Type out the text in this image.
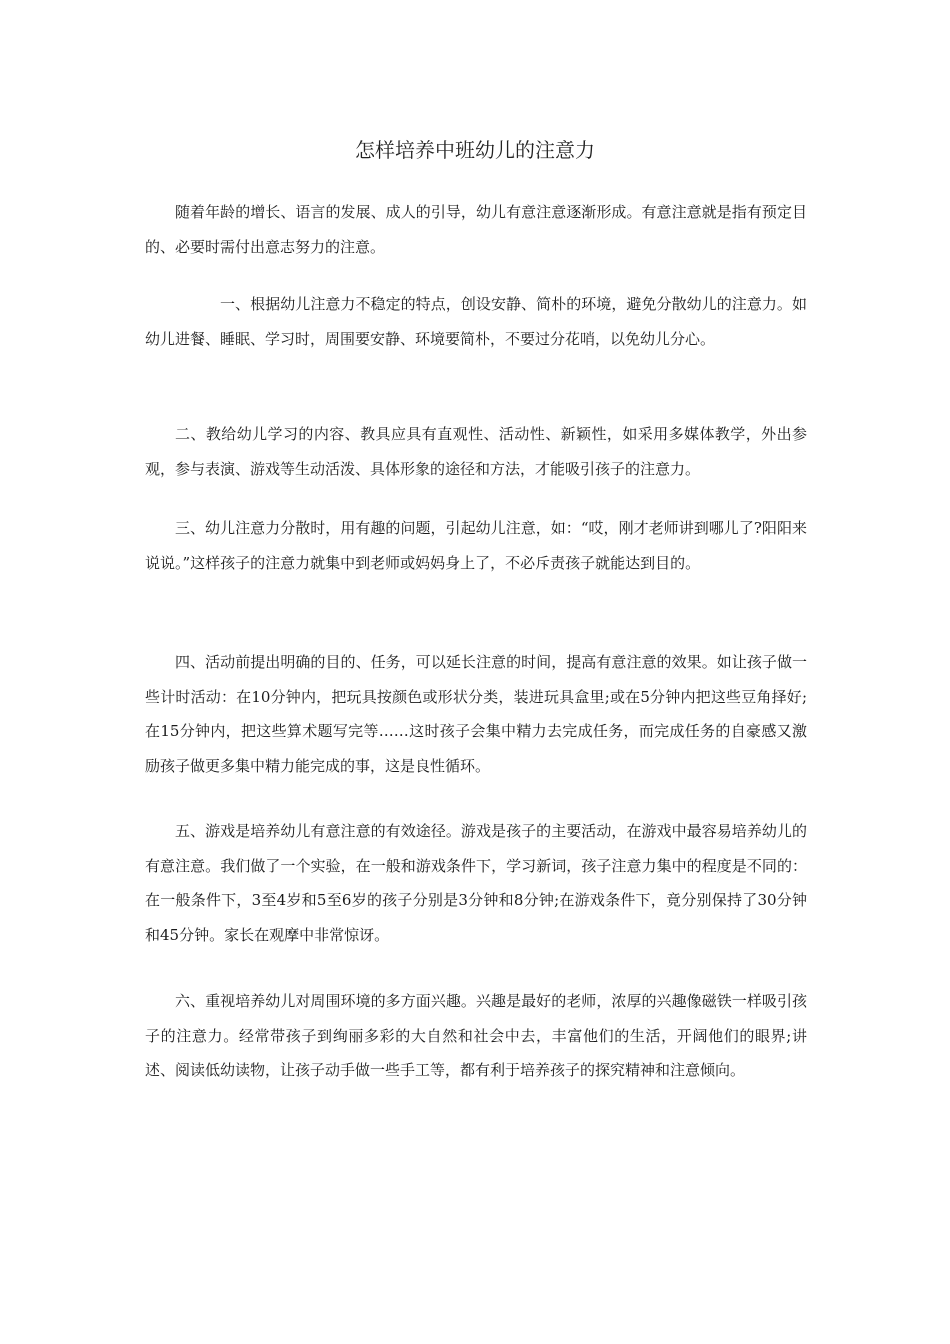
怎样培养中班幼儿的注意力

随着年龄的增长、语言的发展、成人的引导，幼儿有意注意逐渐形成。有意注意就是指有预定目的、必要时需付出意志努力的注意。

一、根据幼儿注意力不稳定的特点，创设安静、简朴的环境，避免分散幼儿的注意力。如幼儿进餐、睡眠、学习时，周围要安静、环境要简朴，不要过分花哨，以免幼儿分心。

二、教给幼儿学习的内容、教具应具有直观性、活动性、新颖性，如采用多媒体教学，外出参观，参与表演、游戏等生动活泼、具体形象的途径和方法，才能吸引孩子的注意力。

三、幼儿注意力分散时，用有趣的问题，引起幼儿注意，如：“哎，刚才老师讲到哪儿了?阳阳来说说。”这样孩子的注意力就集中到老师或妈妈身上了，不必斥责孩子就能达到目的。

四、活动前提出明确的目的、任务，可以延长注意的时间，提高有意注意的效果。如让孩子做一些计时活动：在10分钟内，把玩具按颜色或形状分类，装进玩具盒里;或在5分钟内把这些豆角择好;在15分钟内，把这些算术题写完等……这时孩子会集中精力去完成任务，而完成任务的自豪感又激励孩子做更多集中精力能完成的事，这是良性循环。

五、游戏是培养幼儿有意注意的有效途径。游戏是孩子的主要活动，在游戏中最容易培养幼儿的有意注意。我们做了一个实验，在一般和游戏条件下，学习新词，孩子注意力集中的程度是不同的：在一般条件下，3至4岁和5至6岁的孩子分别是3分钟和8分钟;在游戏条件下，竟分别保持了30分钟和45分钟。家长在观摩中非常惊讶。

六、重视培养幼儿对周围环境的多方面兴趣。兴趣是最好的老师，浓厚的兴趣像磁铁一样吸引孩子的注意力。经常带孩子到绚丽多彩的大自然和社会中去，丰富他们的生活，开阔他们的眼界;讲述、阅读低幼读物，让孩子动手做一些手工等，都有利于培养孩子的探究精神和注意倾向。
